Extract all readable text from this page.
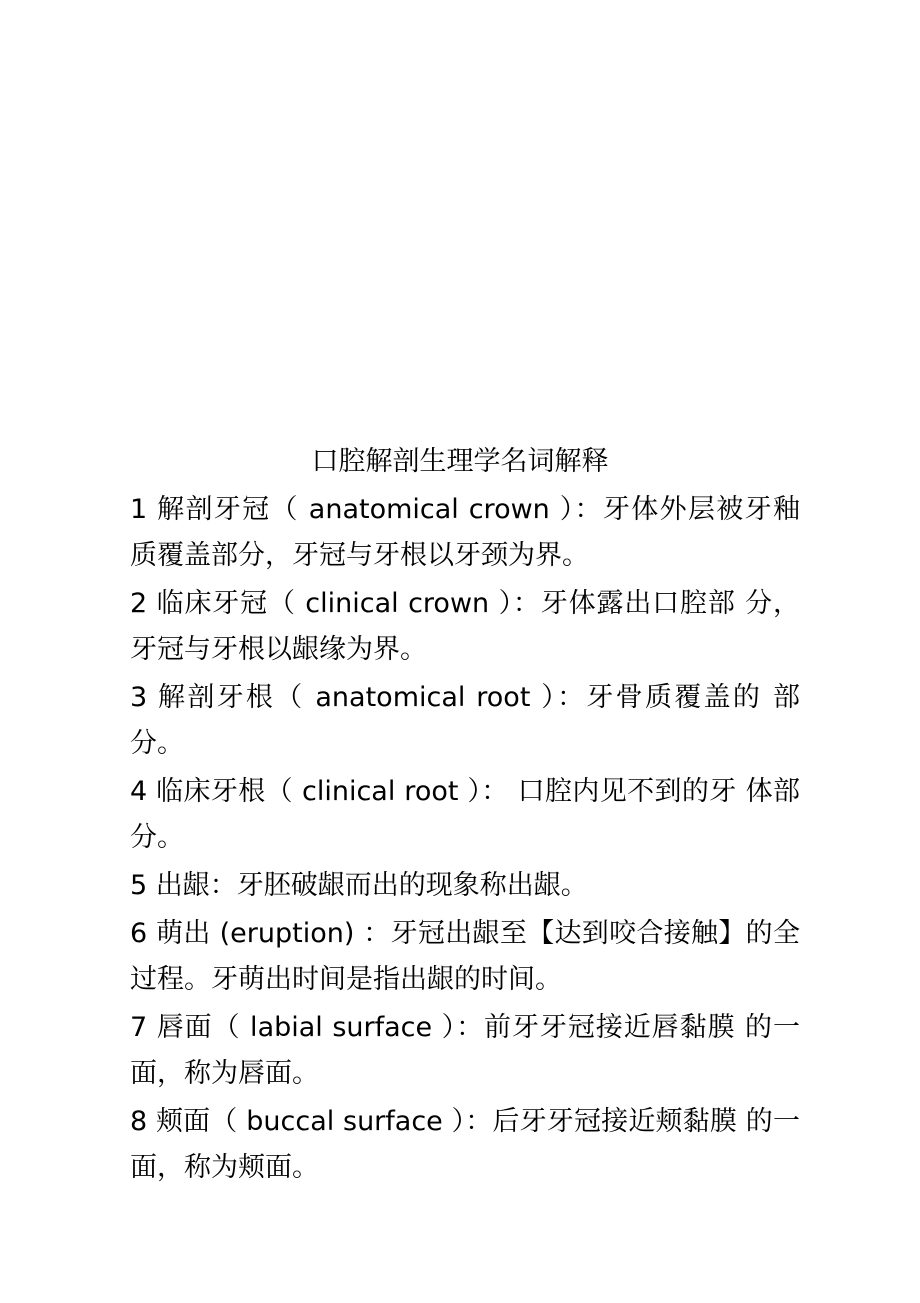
口腔解剖生理学名词解释
1 解剖牙冠（ anatomical crown ）：牙体外层被牙釉质覆盖部分，牙冠与牙根以牙颈为界。
2 临床牙冠（ clinical crown ）：牙体露出口腔部 分，牙冠与牙根以龈缘为界。
3 解剖牙根（ anatomical root ）：牙骨质覆盖的 部分。
4 临床牙根（ clinical root ）： 口腔内见不到的牙 体部分。
5 出龈：牙胚破龈而出的现象称出龈。
6 萌出 (eruption) ：牙冠出龈至【达到咬合接触】的全过程。牙萌出时间是指出龈的时间。
7 唇面（ labial surface ）：前牙牙冠接近唇黏膜 的一面，称为唇面。
8 颊面（ buccal surface ）：后牙牙冠接近颊黏膜 的一面，称为颊面。
